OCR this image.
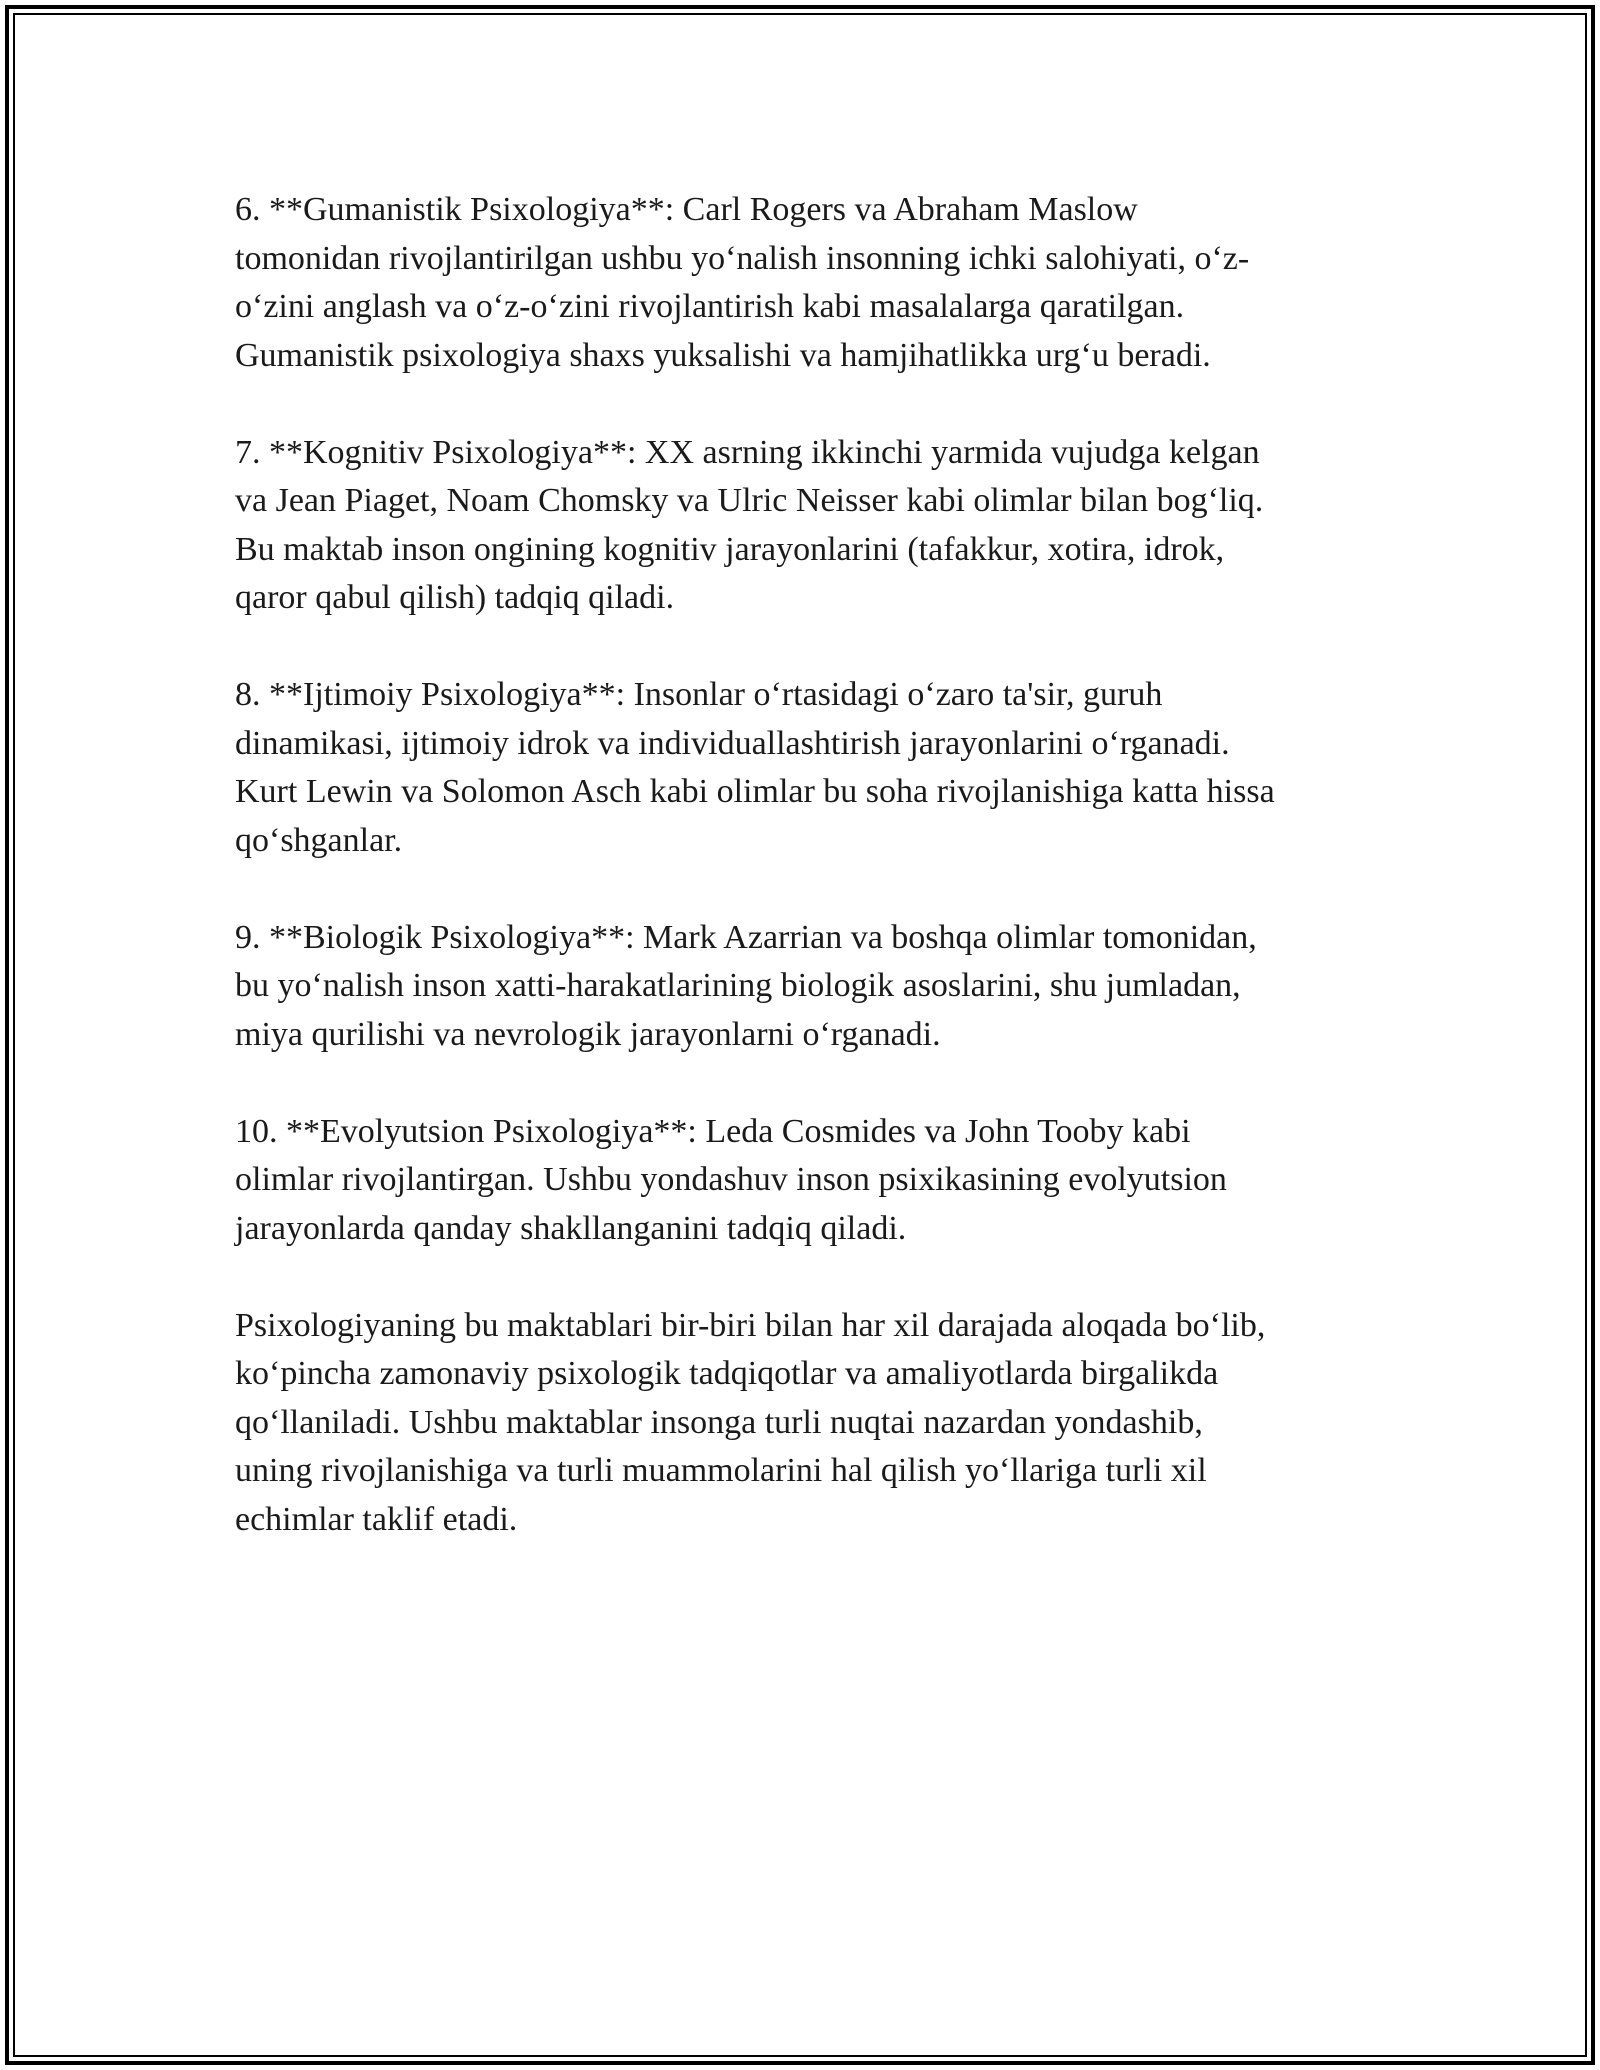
6. **Gumanistik Psixologiya**: Carl Rogers va Abraham Maslow
tomonidan rivojlantirilgan ushbu yoʻnalish insonning ichki salohiyati, oʻz-
oʻzini anglash va oʻz-oʻzini rivojlantirish kabi masalalarga qaratilgan.
Gumanistik psixologiya shaxs yuksalishi va hamjihatlikka urgʻu beradi.

7. **Kognitiv Psixologiya**: XX asrning ikkinchi yarmida vujudga kelgan
va Jean Piaget, Noam Chomsky va Ulric Neisser kabi olimlar bilan bogʻliq.
Bu maktab inson ongining kognitiv jarayonlarini (tafakkur, xotira, idrok,
qaror qabul qilish) tadqiq qiladi.

8. **Ijtimoiy Psixologiya**: Insonlar oʻrtasidagi oʻzaro ta'sir, guruh
dinamikasi, ijtimoiy idrok va individuallashtirish jarayonlarini oʻrganadi.
Kurt Lewin va Solomon Asch kabi olimlar bu soha rivojlanishiga katta hissa
qoʻshganlar.

9. **Biologik Psixologiya**: Mark Azarrian va boshqa olimlar tomonidan,
bu yoʻnalish inson xatti-harakatlarining biologik asoslarini, shu jumladan,
miya qurilishi va nevrologik jarayonlarni oʻrganadi.

10. **Evolyutsion Psixologiya**: Leda Cosmides va John Tooby kabi
olimlar rivojlantirgan. Ushbu yondashuv inson psixikasining evolyutsion
jarayonlarda qanday shakllanganini tadqiq qiladi.

Psixologiyaning bu maktablari bir-biri bilan har xil darajada aloqada boʻlib,
koʻpincha zamonaviy psixologik tadqiqotlar va amaliyotlarda birgalikda
qoʻllaniladi. Ushbu maktablar insonga turli nuqtai nazardan yondashib,
uning rivojlanishiga va turli muammolarini hal qilish yoʻllariga turli xil
echimlar taklif etadi.
